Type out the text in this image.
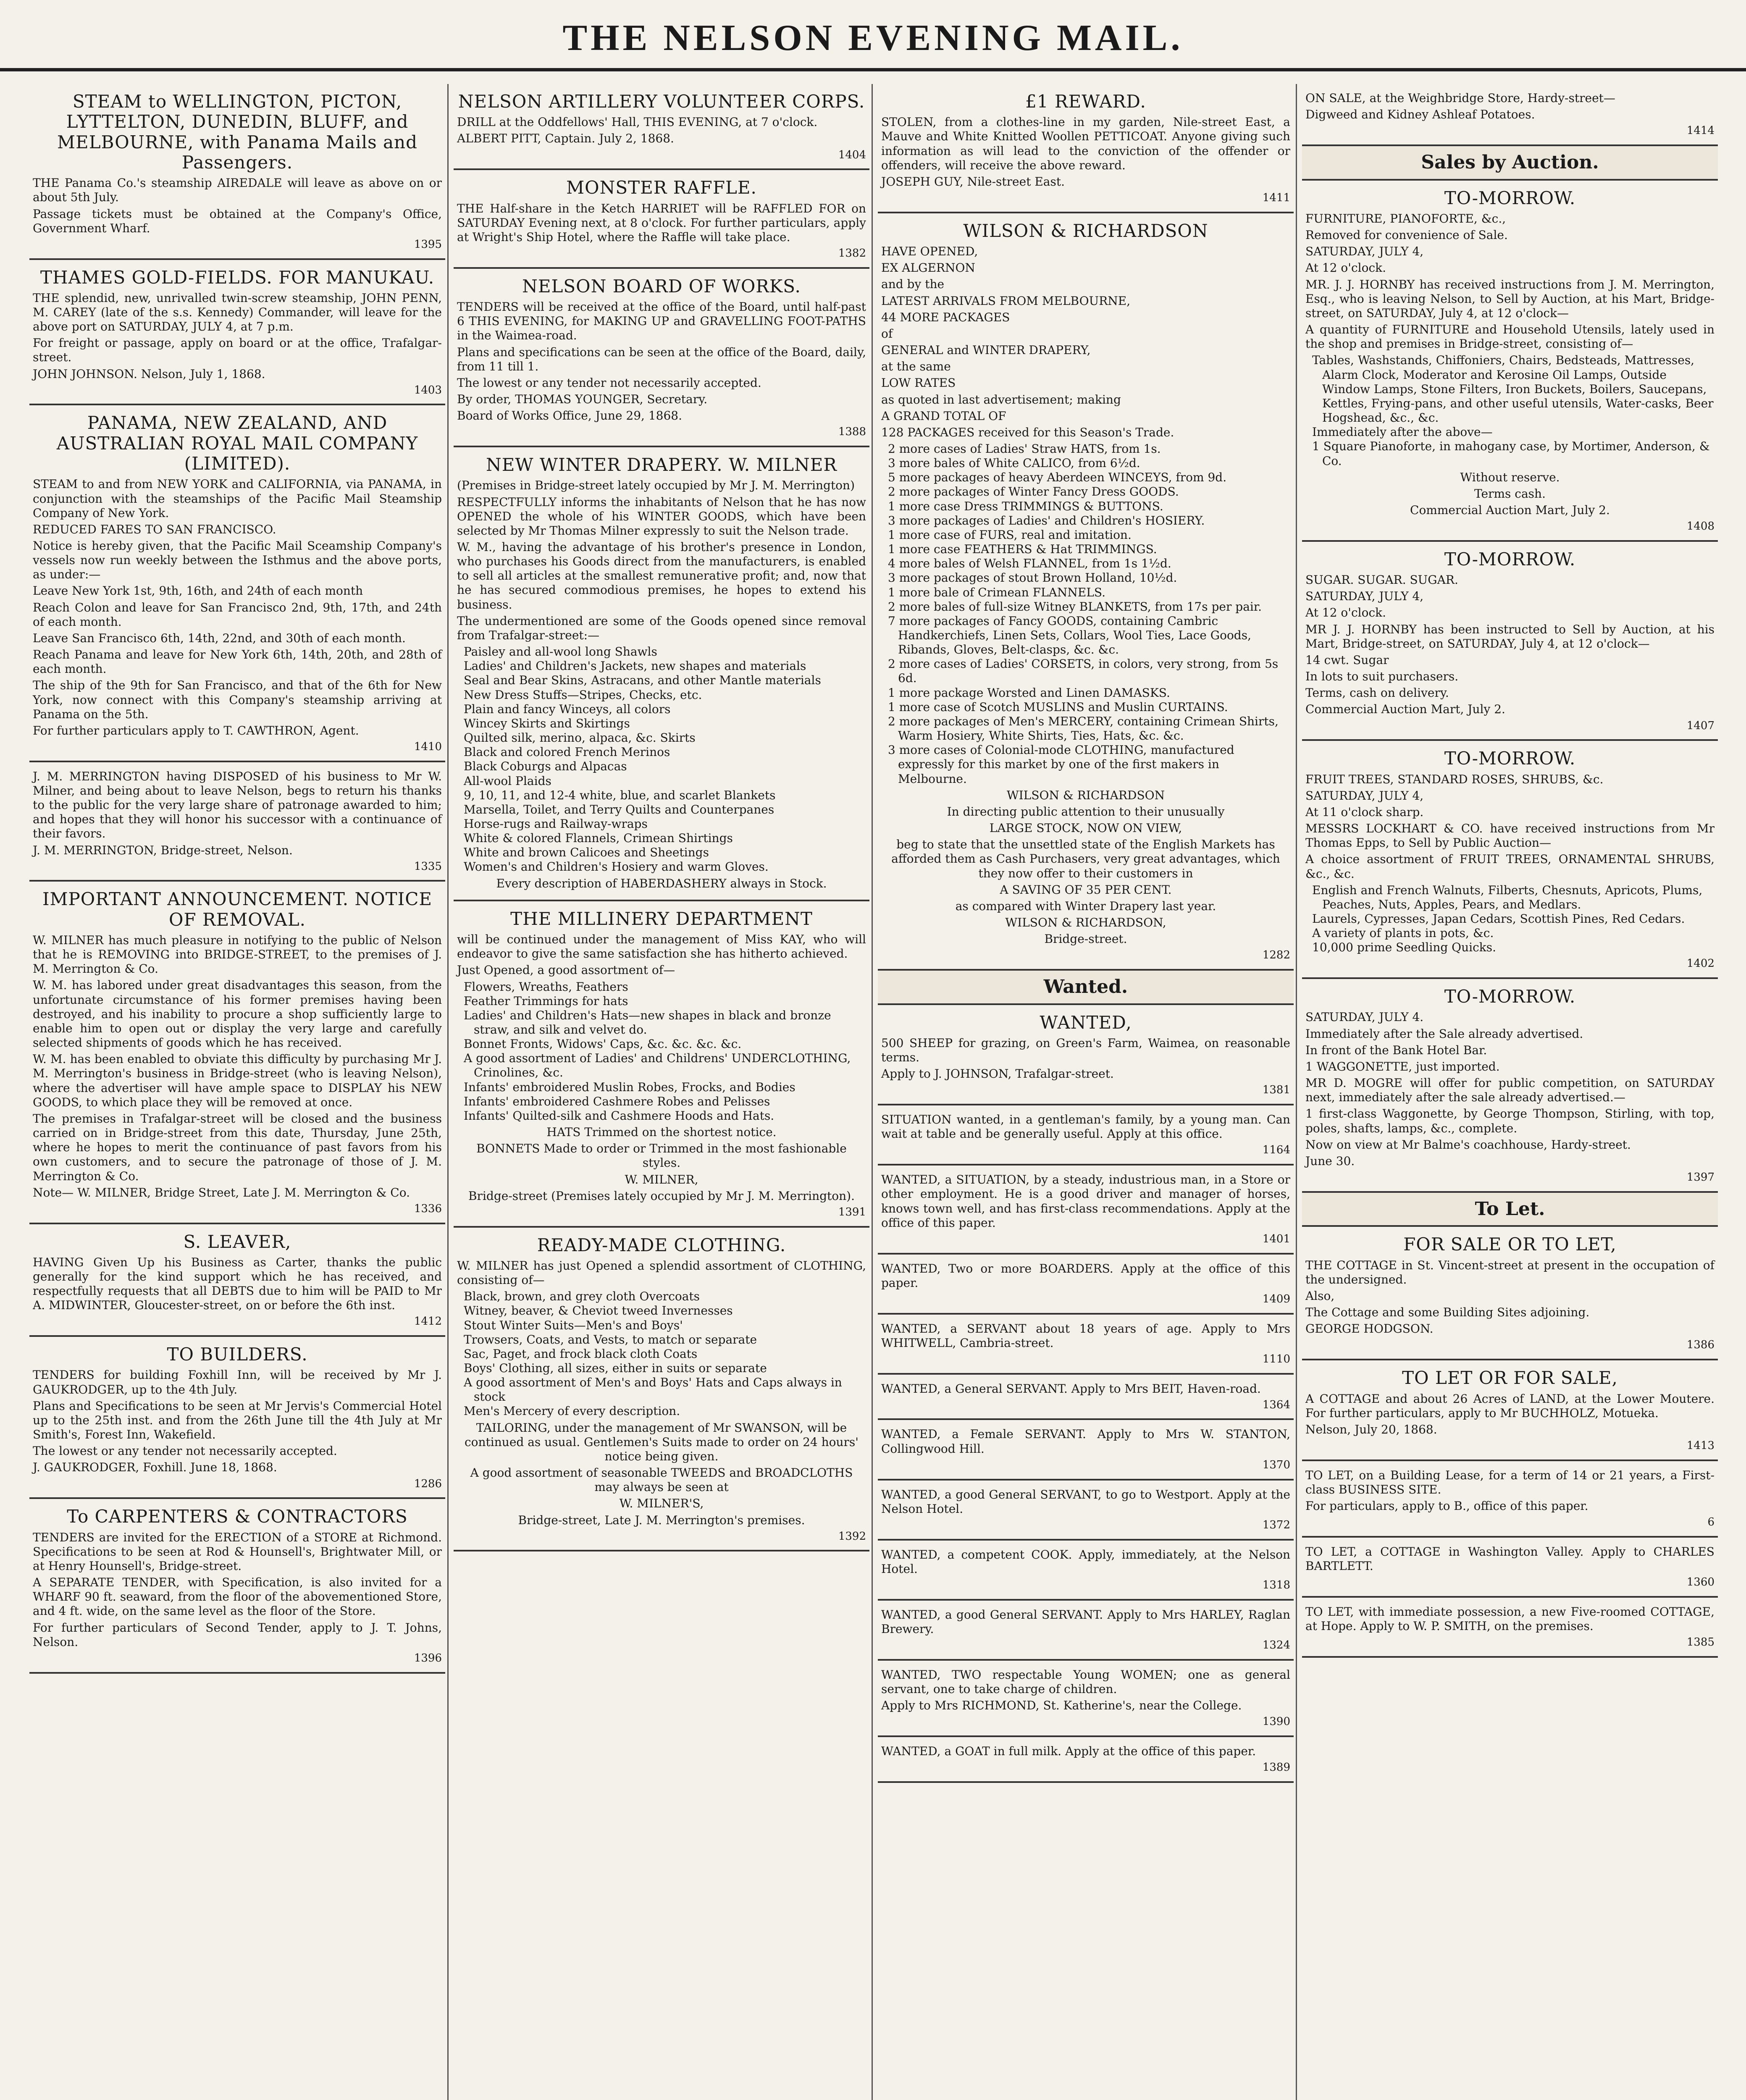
THE NELSON EVENING MAIL.
STEAM to WELLINGTON, PICTON, LYTTELTON, DUNEDIN, BLUFF, and MELBOURNE, with Panama Mails and Passengers.

THE Panama Co.'s steamship AIREDALE will leave as above on or about 5th July.

Passage tickets must be obtained at the Company's Office, Government Wharf.

1395
THAMES GOLD-FIELDS. FOR MANUKAU.

THE splendid, new, unrivalled twin-screw steamship, JOHN PENN, M. CAREY (late of the s.s. Kennedy) Commander, will leave for the above port on SATURDAY, JULY 4, at 7 p.m.

For freight or passage, apply on board or at the office, Trafalgar-street.

JOHN JOHNSON. Nelson, July 1, 1868.

1403
PANAMA, NEW ZEALAND, AND AUSTRALIAN ROYAL MAIL COMPANY (LIMITED).

STEAM to and from NEW YORK and CALIFORNIA, via PANAMA, in conjunction with the steamships of the Pacific Mail Steamship Company of New York.

REDUCED FARES TO SAN FRANCISCO.

Notice is hereby given, that the Pacific Mail Sceamship Company's vessels now run weekly between the Isthmus and the above ports, as under:—

Leave New York 1st, 9th, 16th, and 24th of each month

Reach Colon and leave for San Francisco 2nd, 9th, 17th, and 24th of each month.

Leave San Francisco 6th, 14th, 22nd, and 30th of each month.

Reach Panama and leave for New York 6th, 14th, 20th, and 28th of each month.

The ship of the 9th for San Francisco, and that of the 6th for New York, now connect with this Company's steamship arriving at Panama on the 5th.

For further particulars apply to T. CAWTHRON, Agent.

1410

J. M. MERRINGTON having DISPOSED of his business to Mr W. Milner, and being about to leave Nelson, begs to return his thanks to the public for the very large share of patronage awarded to him; and hopes that they will honor his successor with a continuance of their favors.

J. M. MERRINGTON, Bridge-street, Nelson.

1335
IMPORTANT ANNOUNCEMENT. NOTICE OF REMOVAL.

W. MILNER has much pleasure in notifying to the public of Nelson that he is REMOVING into BRIDGE-STREET, to the premises of J. M. Merrington & Co.

W. M. has labored under great disadvantages this season, from the unfortunate circumstance of his former premises having been destroyed, and his inability to procure a shop sufficiently large to enable him to open out or display the very large and carefully selected shipments of goods which he has received.

W. M. has been enabled to obviate this difficulty by purchasing Mr J. M. Merrington's business in Bridge-street (who is leaving Nelson), where the advertiser will have ample space to DISPLAY his NEW GOODS, to which place they will be removed at once.

The premises in Trafalgar-street will be closed and the business carried on in Bridge-street from this date, Thursday, June 25th, where he hopes to merit the continuance of past favors from his own customers, and to secure the patronage of those of J. M. Merrington & Co.

Note— W. MILNER, Bridge Street, Late J. M. Merrington & Co.

1336
S. LEAVER,

HAVING Given Up his Business as Carter, thanks the public generally for the kind support which he has received, and respectfully requests that all DEBTS due to him will be PAID to Mr A. MIDWINTER, Gloucester-street, on or before the 6th inst.

1412
TO BUILDERS.

TENDERS for building Foxhill Inn, will be received by Mr J. GAUKRODGER, up to the 4th July.

Plans and Specifications to be seen at Mr Jervis's Commercial Hotel up to the 25th inst. and from the 26th June till the 4th July at Mr Smith's, Forest Inn, Wakefield.

The lowest or any tender not necessarily accepted.

J. GAUKRODGER, Foxhill. June 18, 1868.

1286
To CARPENTERS & CONTRACTORS

TENDERS are invited for the ERECTION of a STORE at Richmond. Specifications to be seen at Rod & Hounsell's, Brightwater Mill, or at Henry Hounsell's, Bridge-street.

A SEPARATE TENDER, with Specification, is also invited for a WHARF 90 ft. seaward, from the floor of the abovementioned Store, and 4 ft. wide, on the same level as the floor of the Store.

For further particulars of Second Tender, apply to J. T. Johns, Nelson.

1396
NELSON ARTILLERY VOLUNTEER CORPS.

DRILL at the Oddfellows' Hall, THIS EVENING, at 7 o'clock.

ALBERT PITT, Captain. July 2, 1868.

1404
MONSTER RAFFLE.

THE Half-share in the Ketch HARRIET will be RAFFLED FOR on SATURDAY Evening next, at 8 o'clock. For further particulars, apply at Wright's Ship Hotel, where the Raffle will take place.

1382
NELSON BOARD OF WORKS.

TENDERS will be received at the office of the Board, until half-past 6 THIS EVENING, for MAKING UP and GRAVELLING FOOT-PATHS in the Waimea-road.

Plans and specifications can be seen at the office of the Board, daily, from 11 till 1.

The lowest or any tender not necessarily accepted.

By order, THOMAS YOUNGER, Secretary.

Board of Works Office, June 29, 1868.

1388
NEW WINTER DRAPERY. W. MILNER

(Premises in Bridge-street lately occupied by Mr J. M. Merrington)

RESPECTFULLY informs the inhabitants of Nelson that he has now OPENED the whole of his WINTER GOODS, which have been selected by Mr Thomas Milner expressly to suit the Nelson trade.

W. M., having the advantage of his brother's presence in London, who purchases his Goods direct from the manufacturers, is enabled to sell all articles at the smallest remunerative profit; and, now that he has secured commodious premises, he hopes to extend his business.

The undermentioned are some of the Goods opened since removal from Trafalgar-street:—

Paisley and all-wool long Shawls
Ladies' and Children's Jackets, new shapes and materials
Seal and Bear Skins, Astracans, and other Mantle materials
New Dress Stuffs—Stripes, Checks, etc.
Plain and fancy Winceys, all colors
Wincey Skirts and Skirtings
Quilted silk, merino, alpaca, &c. Skirts
Black and colored French Merinos
Black Coburgs and Alpacas
All-wool Plaids
9, 10, 11, and 12-4 white, blue, and scarlet Blankets
Marsella, Toilet, and Terry Quilts and Counterpanes
Horse-rugs and Railway-wraps
White & colored Flannels, Crimean Shirtings
White and brown Calicoes and Sheetings
Women's and Children's Hosiery and warm Gloves.

Every description of HABERDASHERY always in Stock.

THE MILLINERY DEPARTMENT

will be continued under the management of Miss KAY, who will endeavor to give the same satisfaction she has hitherto achieved.

Just Opened, a good assortment of—

Flowers, Wreaths, Feathers
Feather Trimmings for hats
Ladies' and Children's Hats—new shapes in black and bronze straw, and silk and velvet do.
Bonnet Fronts, Widows' Caps, &c. &c. &c. &c.
A good assortment of Ladies' and Childrens' UNDERCLOTHING, Crinolines, &c.
Infants' embroidered Muslin Robes, Frocks, and Bodies
Infants' embroidered Cashmere Robes and Pelisses
Infants' Quilted-silk and Cashmere Hoods and Hats.

HATS Trimmed on the shortest notice.

BONNETS Made to order or Trimmed in the most fashionable styles.

W. MILNER,

Bridge-street (Premises lately occupied by Mr J. M. Merrington).

1391
READY-MADE CLOTHING.

W. MILNER has just Opened a splendid assortment of CLOTHING, consisting of—

Black, brown, and grey cloth Overcoats
Witney, beaver, & Cheviot tweed Invernesses
Stout Winter Suits—Men's and Boys'
Trowsers, Coats, and Vests, to match or separate
Sac, Paget, and frock black cloth Coats
Boys' Clothing, all sizes, either in suits or separate
A good assortment of Men's and Boys' Hats and Caps always in stock
Men's Mercery of every description.

TAILORING, under the management of Mr SWANSON, will be continued as usual. Gentlemen's Suits made to order on 24 hours' notice being given.

A good assortment of seasonable TWEEDS and BROADCLOTHS may always be seen at

W. MILNER'S,

Bridge-street, Late J. M. Merrington's premises.

1392
£1 REWARD.

STOLEN, from a clothes-line in my garden, Nile-street East, a Mauve and White Knitted Woollen PETTICOAT. Anyone giving such information as will lead to the conviction of the offender or offenders, will receive the above reward.

JOSEPH GUY, Nile-street East.

1411
WILSON & RICHARDSON

HAVE OPENED,

EX ALGERNON

and by the

LATEST ARRIVALS FROM MELBOURNE,

44 MORE PACKAGES

of

GENERAL and WINTER DRAPERY,

at the same

LOW RATES

as quoted in last advertisement; making

A GRAND TOTAL OF

128 PACKAGES received for this Season's Trade.

2 more cases of Ladies' Straw HATS, from 1s.
3 more bales of White CALICO, from 6½d.
5 more packages of heavy Aberdeen WINCEYS, from 9d.
2 more packages of Winter Fancy Dress GOODS.
1 more case Dress TRIMMINGS & BUTTONS.
3 more packages of Ladies' and Children's HOSIERY.
1 more case of FURS, real and imitation.
1 more case FEATHERS & Hat TRIMMINGS.
4 more bales of Welsh FLANNEL, from 1s 1½d.
3 more packages of stout Brown Holland, 10½d.
1 more bale of Crimean FLANNELS.
2 more bales of full-size Witney BLANKETS, from 17s per pair.
7 more packages of Fancy GOODS, containing Cambric Handkerchiefs, Linen Sets, Collars, Wool Ties, Lace Goods, Ribands, Gloves, Belt-clasps, &c. &c.
2 more cases of Ladies' CORSETS, in colors, very strong, from 5s 6d.
1 more package Worsted and Linen DAMASKS.
1 more case of Scotch MUSLINS and Muslin CURTAINS.
2 more packages of Men's MERCERY, containing Crimean Shirts, Warm Hosiery, White Shirts, Ties, Hats, &c. &c.
3 more cases of Colonial-mode CLOTHING, manufactured expressly for this market by one of the first makers in Melbourne.

WILSON & RICHARDSON

In directing public attention to their unusually

LARGE STOCK, NOW ON VIEW,

beg to state that the unsettled state of the English Markets has afforded them as Cash Purchasers, very great advantages, which they now offer to their customers in

A SAVING OF 35 PER CENT.

as compared with Winter Drapery last year.

WILSON & RICHARDSON,

Bridge-street.

1282
Wanted.
WANTED,

500 SHEEP for grazing, on Green's Farm, Waimea, on reasonable terms.

Apply to J. JOHNSON, Trafalgar-street.

1381

SITUATION wanted, in a gentleman's family, by a young man. Can wait at table and be generally useful. Apply at this office.

1164

WANTED, a SITUATION, by a steady, industrious man, in a Store or other employment. He is a good driver and manager of horses, knows town well, and has first-class recommendations. Apply at the office of this paper.

1401

WANTED, Two or more BOARDERS. Apply at the office of this paper.

1409

WANTED, a SERVANT about 18 years of age. Apply to Mrs WHITWELL, Cambria-street.

1110

WANTED, a General SERVANT. Apply to Mrs BEIT, Haven-road.

1364

WANTED, a Female SERVANT. Apply to Mrs W. STANTON, Collingwood Hill.

1370

WANTED, a good General SERVANT, to go to Westport. Apply at the Nelson Hotel.

1372

WANTED, a competent COOK. Apply, immediately, at the Nelson Hotel.

1318

WANTED, a good General SERVANT. Apply to Mrs HARLEY, Raglan Brewery.

1324

WANTED, TWO respectable Young WOMEN; one as general servant, one to take charge of children.

Apply to Mrs RICHMOND, St. Katherine's, near the College.

1390

WANTED, a GOAT in full milk. Apply at the office of this paper.

1389

ON SALE, at the Weighbridge Store, Hardy-street—

Digweed and Kidney Ashleaf Potatoes.

1414
Sales by Auction.
TO-MORROW.

FURNITURE, PIANOFORTE, &c.,

Removed for convenience of Sale.

SATURDAY, JULY 4,

At 12 o'clock.

MR. J. J. HORNBY has received instructions from J. M. Merrington, Esq., who is leaving Nelson, to Sell by Auction, at his Mart, Bridge-street, on SATURDAY, July 4, at 12 o'clock—

A quantity of FURNITURE and Household Utensils, lately used in the shop and premises in Bridge-street, consisting of—

Tables, Washstands, Chiffoniers, Chairs, Bedsteads, Mattresses, Alarm Clock, Moderator and Kerosine Oil Lamps, Outside Window Lamps, Stone Filters, Iron Buckets, Boilers, Saucepans, Kettles, Frying-pans, and other useful utensils, Water-casks, Beer Hogshead, &c., &c.
Immediately after the above—
1 Square Pianoforte, in mahogany case, by Mortimer, Anderson, & Co.

Without reserve.

Terms cash.

Commercial Auction Mart, July 2.

1408
TO-MORROW.

SUGAR. SUGAR. SUGAR.

SATURDAY, JULY 4,

At 12 o'clock.

MR J. J. HORNBY has been instructed to Sell by Auction, at his Mart, Bridge-street, on SATURDAY, July 4, at 12 o'clock—

14 cwt. Sugar

In lots to suit purchasers.

Terms, cash on delivery.

Commercial Auction Mart, July 2.

1407
TO-MORROW.

FRUIT TREES, STANDARD ROSES, SHRUBS, &c.

SATURDAY, JULY 4,

At 11 o'clock sharp.

MESSRS LOCKHART & CO. have received instructions from Mr Thomas Epps, to Sell by Public Auction—

A choice assortment of FRUIT TREES, ORNAMENTAL SHRUBS, &c., &c.

English and French Walnuts, Filberts, Chesnuts, Apricots, Plums, Peaches, Nuts, Apples, Pears, and Medlars.
Laurels, Cypresses, Japan Cedars, Scottish Pines, Red Cedars.
A variety of plants in pots, &c.
10,000 prime Seedling Quicks.
1402
TO-MORROW.

SATURDAY, JULY 4.

Immediately after the Sale already advertised.

In front of the Bank Hotel Bar.

1 WAGGONETTE, just imported.

MR D. MOGRE will offer for public competition, on SATURDAY next, immediately after the sale already advertised.—

1 first-class Waggonette, by George Thompson, Stirling, with top, poles, shafts, lamps, &c., complete.

Now on view at Mr Balme's coachhouse, Hardy-street.

June 30.

1397
To Let.
FOR SALE OR TO LET,

THE COTTAGE in St. Vincent-street at present in the occupation of the undersigned.

Also,

The Cottage and some Building Sites adjoining.

GEORGE HODGSON.

1386
TO LET OR FOR SALE,

A COTTAGE and about 26 Acres of LAND, at the Lower Moutere. For further particulars, apply to Mr BUCHHOLZ, Motueka.

Nelson, July 20, 1868.

1413

TO LET, on a Building Lease, for a term of 14 or 21 years, a First-class BUSINESS SITE.

For particulars, apply to B., office of this paper.

6

TO LET, a COTTAGE in Washington Valley. Apply to CHARLES BARTLETT.

1360

TO LET, with immediate possession, a new Five-roomed COTTAGE, at Hope. Apply to W. P. SMITH, on the premises.

1385
